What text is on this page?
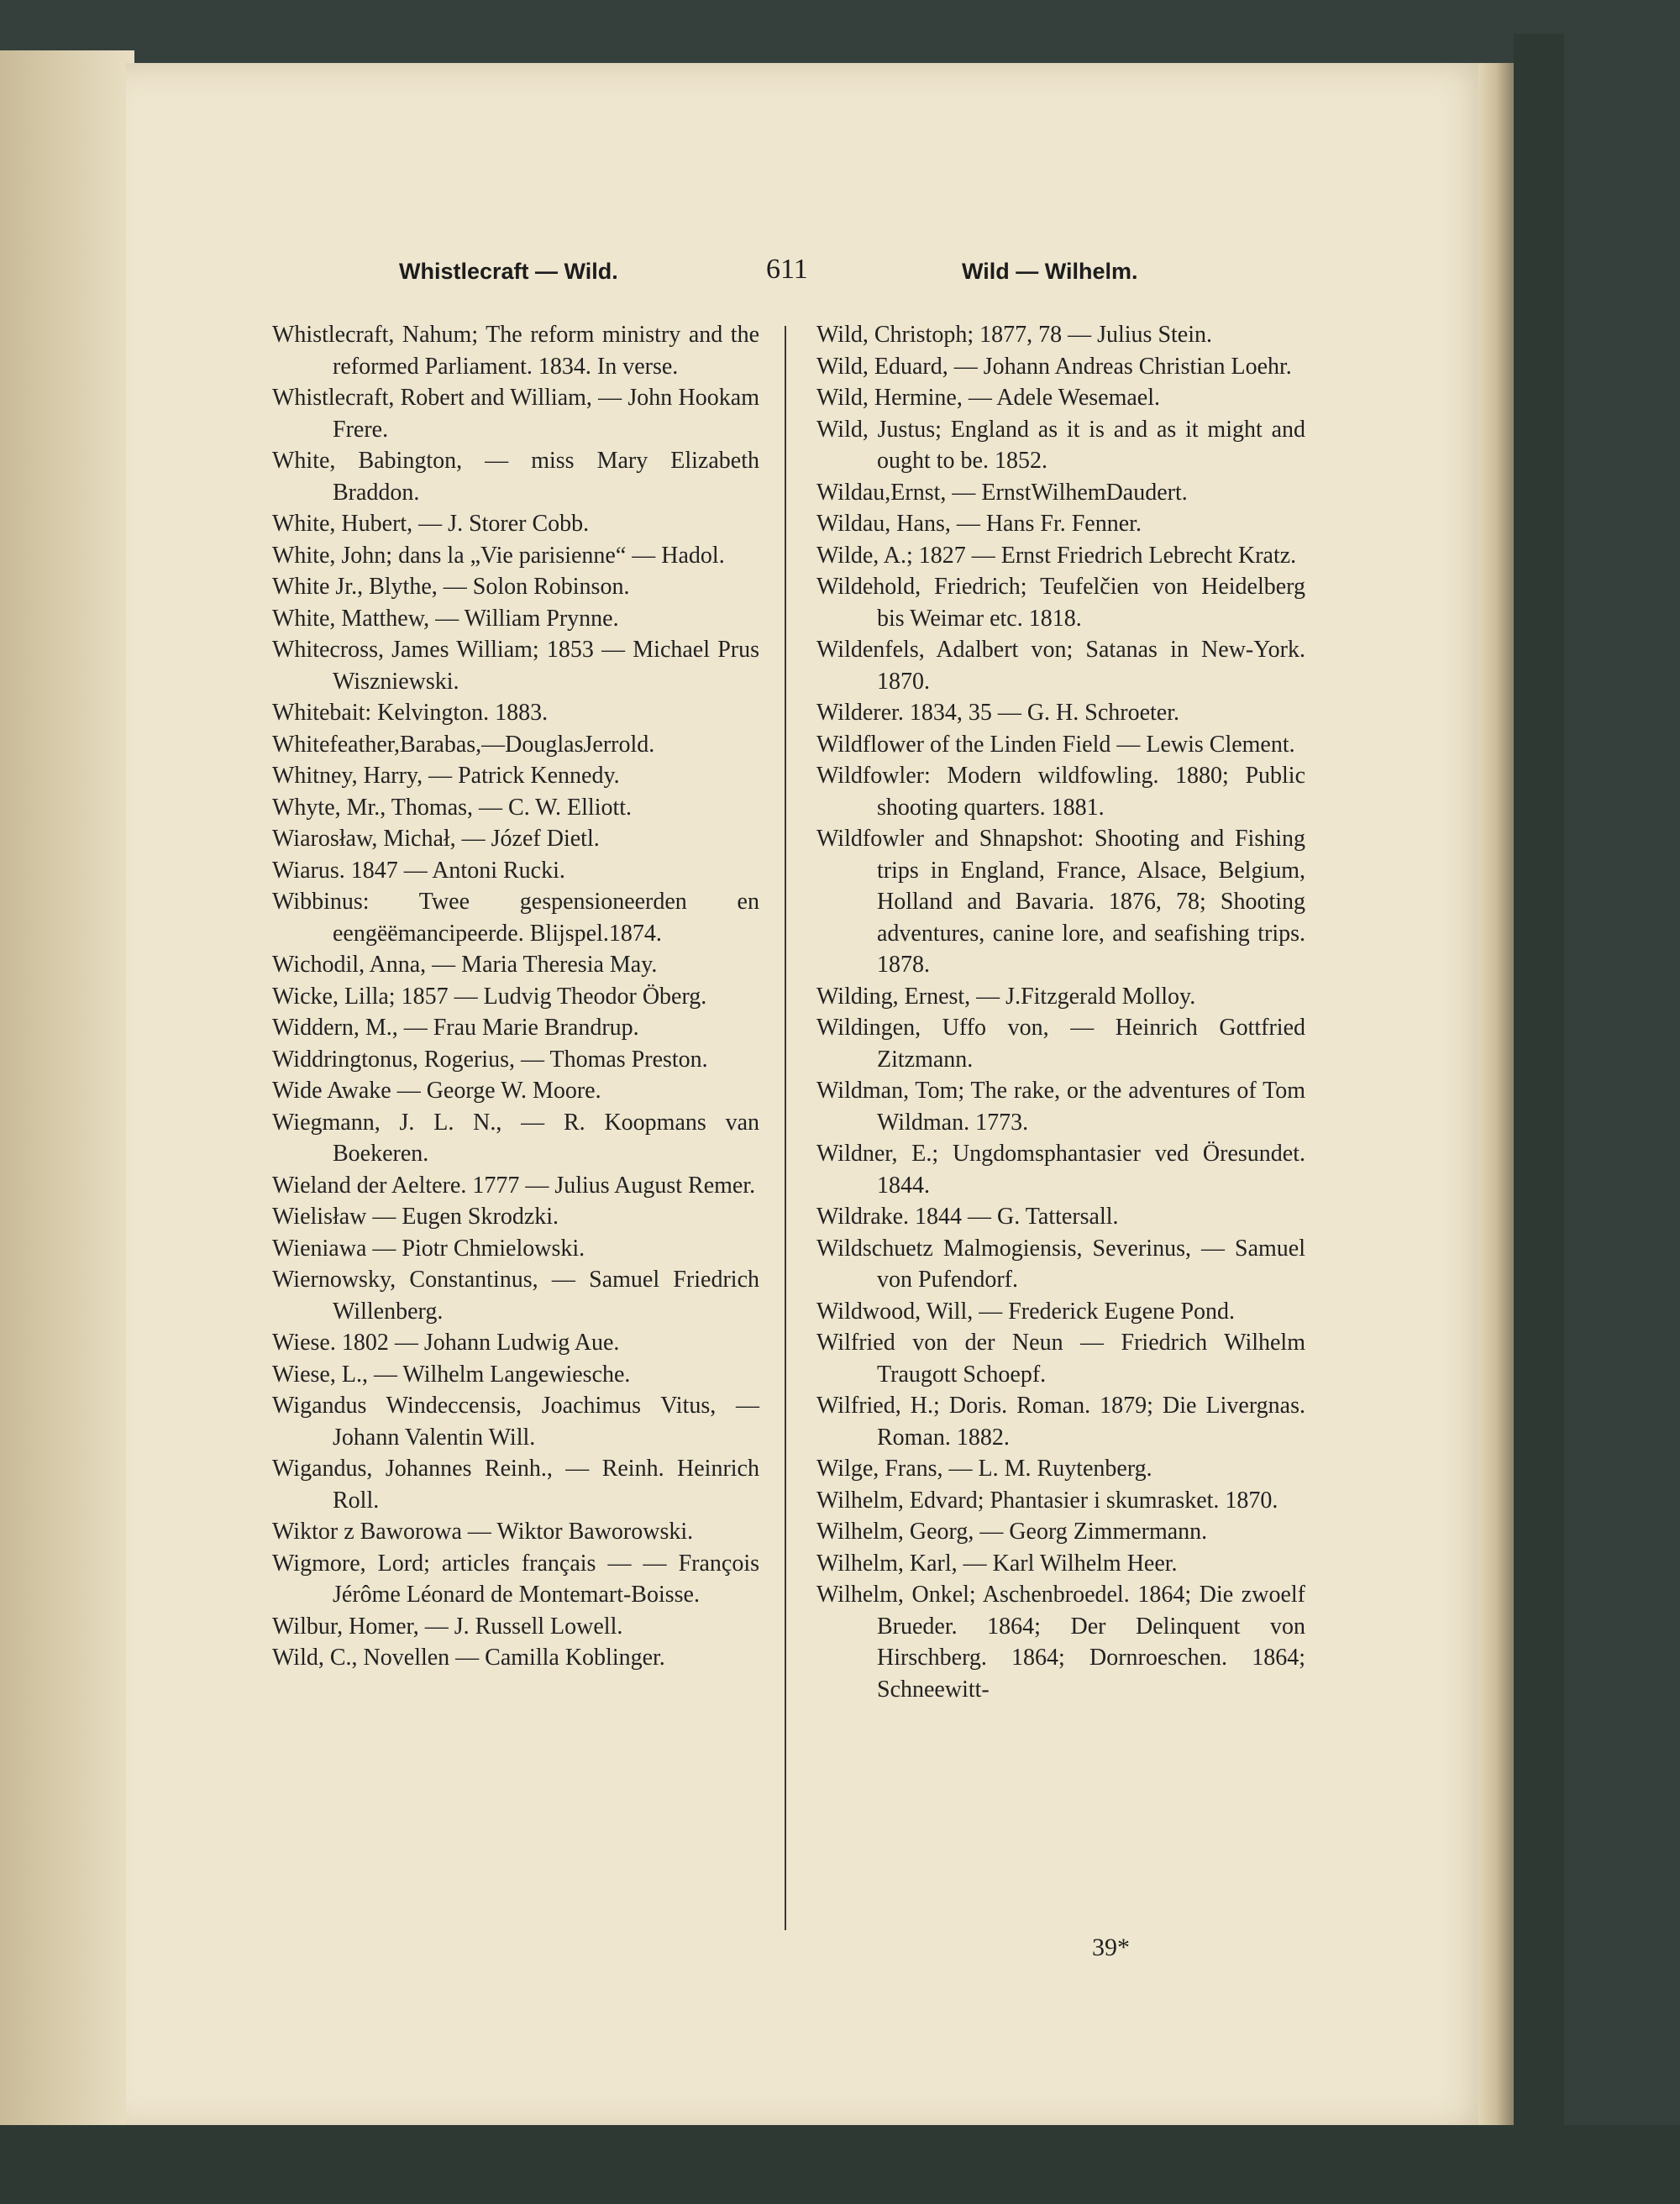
Whistlecraft — Wild.	611	Wild — Wilhelm.

Whistlecraft, Nahum; The reform ministry and the reformed Parliament. 1834. In verse.

Whistlecraft, Robert and William, — John Hookam Frere.

White, Babington, — miss Mary Elizabeth Braddon.

White, Hubert, — J. Storer Cobb.

White, John; dans la „Vie parisienne“ — Hadol.

White Jr., Blythe, — Solon Robinson.

White, Matthew, — William Prynne.

Whitecross, James William; 1853 — Michael Prus Wiszniewski.

Whitebait: Kelvington. 1883.

Whitefeather,Barabas,—DouglasJerrold.

Whitney, Harry, — Patrick Kennedy.

Whyte, Mr., Thomas, — C. W. Elliott.

Wiarosław, Michał, — Józef Dietl.

Wiarus. 1847 — Antoni Rucki.

Wibbinus: Twee gespensioneerden en eengëëmancipeerde. Blijspel.1874.

Wichodil, Anna, — Maria Theresia May.

Wicke, Lilla; 1857 — Ludvig Theodor Öberg.

Widdern, M., — Frau Marie Brandrup.

Widdringtonus, Rogerius, — Thomas Preston.

Wide Awake — George W. Moore.

Wiegmann, J. L. N., — R. Koopmans van Boekeren.

Wieland der Aeltere. 1777 — Julius August Remer.

Wielisław — Eugen Skrodzki.

Wieniawa — Piotr Chmielowski.

Wiernowsky, Constantinus, — Samuel Friedrich Willenberg.

Wiese. 1802 — Johann Ludwig Aue.

Wiese, L., — Wilhelm Langewiesche.

Wigandus Windeccensis, Joachimus Vitus, — Johann Valentin Will.

Wigandus, Johannes Reinh., — Reinh. Heinrich Roll.

Wiktor z Baworowa — Wiktor Baworowski.

Wigmore, Lord; articles français — — François Jérôme Léonard de Montemart-Boisse.

Wilbur, Homer, — J. Russell Lowell.

Wild, C., Novellen — Camilla Koblinger.

Wild, Christoph; 1877, 78 — Julius Stein.

Wild, Eduard, — Johann Andreas Christian Loehr.

Wild, Hermine, — Adele Wesemael.

Wild, Justus; England as it is and as it might and ought to be. 1852.

Wildau,Ernst, — ErnstWilhemDaudert.

Wildau, Hans, — Hans Fr. Fenner.

Wilde, A.; 1827 — Ernst Friedrich Lebrecht Kratz.

Wildehold, Friedrich; Teufelčien von Heidelberg bis Weimar etc. 1818.

Wildenfels, Adalbert von; Satanas in New-York. 1870.

Wilderer. 1834, 35 — G. H. Schroeter.

Wildflower of the Linden Field — Lewis Clement.

Wildfowler: Modern wildfowling. 1880; Public shooting quarters. 1881.

Wildfowler and Shnapshot: Shooting and Fishing trips in England, France, Alsace, Belgium, Holland and Bavaria. 1876, 78; Shooting adventures, canine lore, and seafishing trips. 1878.

Wilding, Ernest, — J.Fitzgerald Molloy.

Wildingen, Uffo von, — Heinrich Gottfried Zitzmann.

Wildman, Tom; The rake, or the adventures of Tom Wildman. 1773.

Wildner, E.; Ungdomsphantasier ved Öresundet. 1844.

Wildrake. 1844 — G. Tattersall.

Wildschuetz Malmogiensis, Severinus, — Samuel von Pufendorf.

Wildwood, Will, — Frederick Eugene Pond.

Wilfried von der Neun — Friedrich Wilhelm Traugott Schoepf.

Wilfried, H.; Doris. Roman. 1879; Die Livergnas. Roman. 1882.

Wilge, Frans, — L. M. Ruytenberg.

Wilhelm, Edvard; Phantasier i skumrasket. 1870.

Wilhelm, Georg, — Georg Zimmermann.

Wilhelm, Karl, — Karl Wilhelm Heer.

Wilhelm, Onkel; Aschenbroedel. 1864; Die zwoelf Brueder. 1864; Der Delinquent von Hirschberg. 1864; Dornroeschen. 1864; Schneewitt-

39*
